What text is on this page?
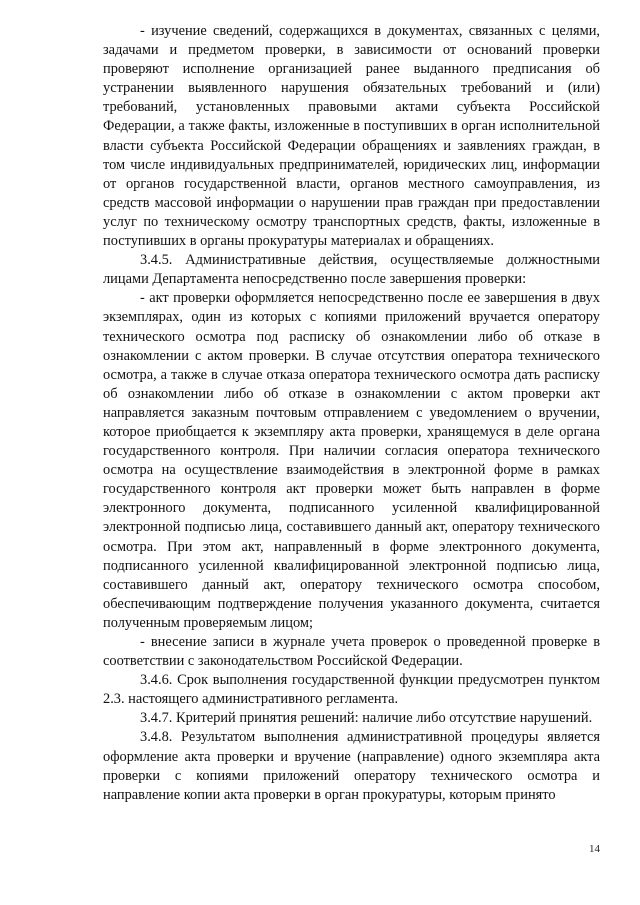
- изучение сведений, содержащихся в документах, связанных с целями, задачами и предметом проверки, в зависимости от оснований проверки проверяют исполнение организацией ранее выданного предписания об устранении выявленного нарушения обязательных требований и (или) требований, установленных правовыми актами субъекта Российской Федерации, а также факты, изложенные в поступивших в орган исполнительной власти субъекта Российской Федерации обращениях и заявлениях граждан, в том числе индивидуальных предпринимателей, юридических лиц, информации от органов государственной власти, органов местного самоуправления, из средств массовой информации о нарушении прав граждан при предоставлении услуг по техническому осмотру транспортных средств, факты, изложенные в поступивших в органы прокуратуры материалах и обращениях.

3.4.5. Административные действия, осуществляемые должностными лицами Департамента непосредственно после завершения проверки:

- акт проверки оформляется непосредственно после ее завершения в двух экземплярах, один из которых с копиями приложений вручается оператору технического осмотра под расписку об ознакомлении либо об отказе в ознакомлении с актом проверки. В случае отсутствия оператора технического осмотра, а также в случае отказа оператора технического осмотра дать расписку об ознакомлении либо об отказе в ознакомлении с актом проверки акт направляется заказным почтовым отправлением с уведомлением о вручении, которое приобщается к экземпляру акта проверки, хранящемуся в деле органа государственного контроля. При наличии согласия оператора технического осмотра на осуществление взаимодействия в электронной форме в рамках государственного контроля акт проверки может быть направлен в форме электронного документа, подписанного усиленной квалифицированной электронной подписью лица, составившего данный акт, оператору технического осмотра. При этом акт, направленный в форме электронного документа, подписанного усиленной квалифицированной электронной подписью лица, составившего данный акт, оператору технического осмотра способом, обеспечивающим подтверждение получения указанного документа, считается полученным проверяемым лицом;

- внесение записи в журнале учета проверок о проведенной проверке в соответствии с законодательством Российской Федерации.

3.4.6. Срок выполнения государственной функции предусмотрен пунктом 2.3. настоящего административного регламента.

3.4.7. Критерий принятия решений: наличие либо отсутствие нарушений.

3.4.8. Результатом выполнения административной процедуры является оформление акта проверки и вручение (направление) одного экземпляра акта проверки с копиями приложений оператору технического осмотра и направление копии акта проверки в орган прокуратуры, которым принято

14
